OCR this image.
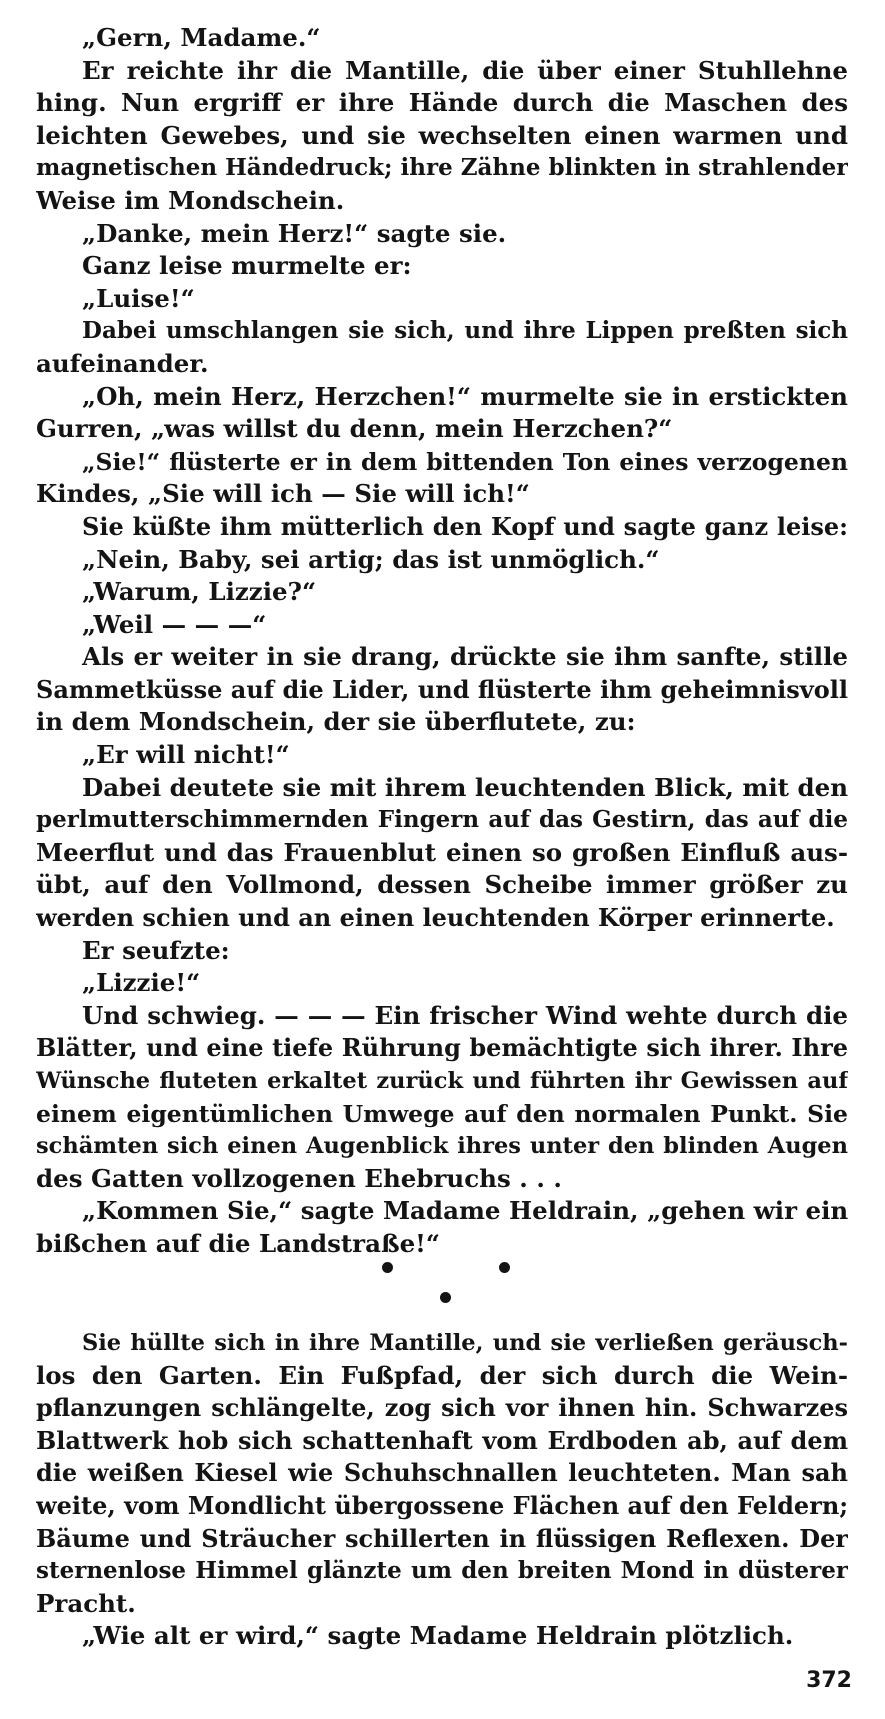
„Gern, Madame.“
Er reichte ihr die Mantille, die über einer Stuhllehne
hing. Nun ergriff er ihre Hände durch die Maschen des
leichten Gewebes, und sie wechselten einen warmen und
magnetischen Händedruck; ihre Zähne blinkten in strahlender
Weise im Mondschein.
„Danke, mein Herz!“ sagte sie.
Ganz leise murmelte er:
„Luise!“
Dabei umschlangen sie sich, und ihre Lippen preßten sich
aufeinander.
„Oh, mein Herz, Herzchen!“ murmelte sie in erstickten
Gurren, „was willst du denn, mein Herzchen?“
„Sie!“ flüsterte er in dem bittenden Ton eines verzogenen
Kindes, „Sie will ich — Sie will ich!“
Sie küßte ihm mütterlich den Kopf und sagte ganz leise:
„Nein, Baby, sei artig; das ist unmöglich.“
„Warum, Lizzie?“
„Weil — — —“
Als er weiter in sie drang, drückte sie ihm sanfte, stille
Sammetküsse auf die Lider, und flüsterte ihm geheimnisvoll
in dem Mondschein, der sie überflutete, zu:
„Er will nicht!“
Dabei deutete sie mit ihrem leuchtenden Blick, mit den
perlmutterschimmernden Fingern auf das Gestirn, das auf die
Meerflut und das Frauenblut einen so großen Einfluß aus-
übt, auf den Vollmond, dessen Scheibe immer größer zu
werden schien und an einen leuchtenden Körper erinnerte.
Er seufzte:
„Lizzie!“
Und schwieg. — — — Ein frischer Wind wehte durch die
Blätter, und eine tiefe Rührung bemächtigte sich ihrer. Ihre
Wünsche fluteten erkaltet zurück und führten ihr Gewissen auf
einem eigentümlichen Umwege auf den normalen Punkt. Sie
schämten sich einen Augenblick ihres unter den blinden Augen
des Gatten vollzogenen Ehebruchs . . .
„Kommen Sie,“ sagte Madame Heldrain, „gehen wir ein
bißchen auf die Landstraße!“
Sie hüllte sich in ihre Mantille, und sie verließen geräusch-
los den Garten. Ein Fußpfad, der sich durch die Wein-
pflanzungen schlängelte, zog sich vor ihnen hin. Schwarzes
Blattwerk hob sich schattenhaft vom Erdboden ab, auf dem
die weißen Kiesel wie Schuhschnallen leuchteten. Man sah
weite, vom Mondlicht übergossene Flächen auf den Feldern;
Bäume und Sträucher schillerten in flüssigen Reflexen. Der
sternenlose Himmel glänzte um den breiten Mond in düsterer
Pracht.
„Wie alt er wird,“ sagte Madame Heldrain plötzlich.
372
